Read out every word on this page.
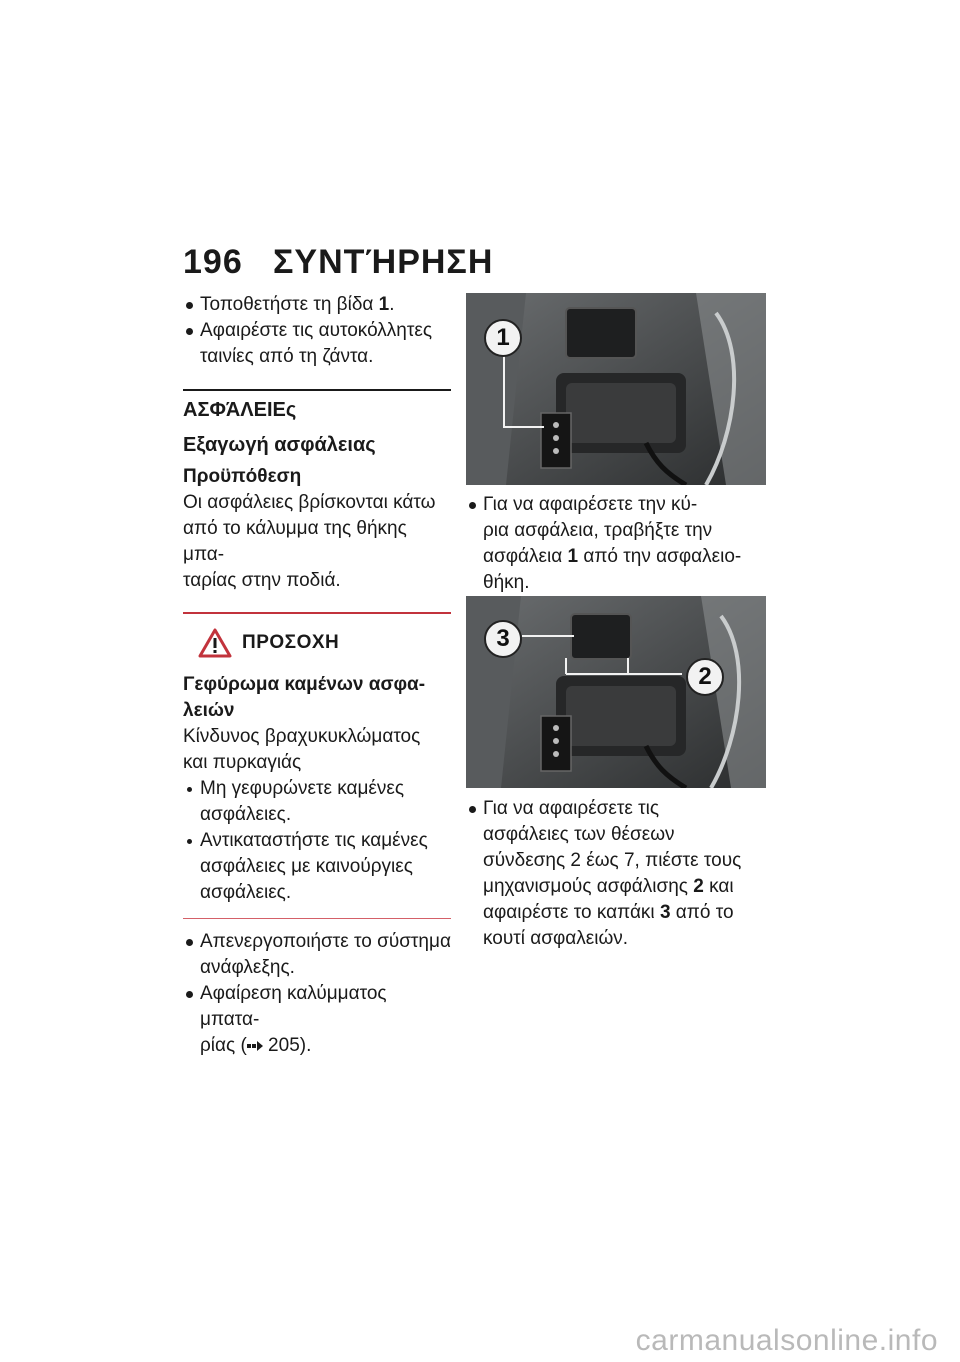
196 ΣΥΝΤΉΡΗΣΗ
Τοποθετήστε τη βίδα 1.
Αφαιρέστε τις αυτοκόλλητες
ταινίες από τη ζάντα.
ΑΣΦΆΛΕΙΕς
Εξαγωγή ασφάλειας
Προϋπόθεση
Οι ασφάλειες βρίσκονται κάτω
από το κάλυμμα της θήκης μπα-
ταρίας στην ποδιά.
ΠΡΟΣΟΧΗ
Γεφύρωμα καμένων ασφα-
λειών
Κίνδυνος βραχυκυκλώματος
και πυρκαγιάς
Μη γεφυρώνετε καμένες
ασφάλειες.
Αντικαταστήστε τις καμένες
ασφάλειες με καινούργιες
ασφάλειες.
Απενεργοποιήστε το σύστημα
ανάφλεξης.
Αφαίρεση καλύμματος μπατα-
ρίας ( 205).
1
Για να αφαιρέσετε την κύ-
ρια ασφάλεια, τραβήξτε την
ασφάλεια 1 από την ασφαλειο-
θήκη.
3
2
Για να αφαιρέσετε τις
ασφάλειες των θέσεων
σύνδεσης 2 έως 7, πιέστε τους
μηχανισμούς ασφάλισης 2 και
αφαιρέστε το καπάκι 3 από το
κουτί ασφαλειών.
carmanualsonline.info
